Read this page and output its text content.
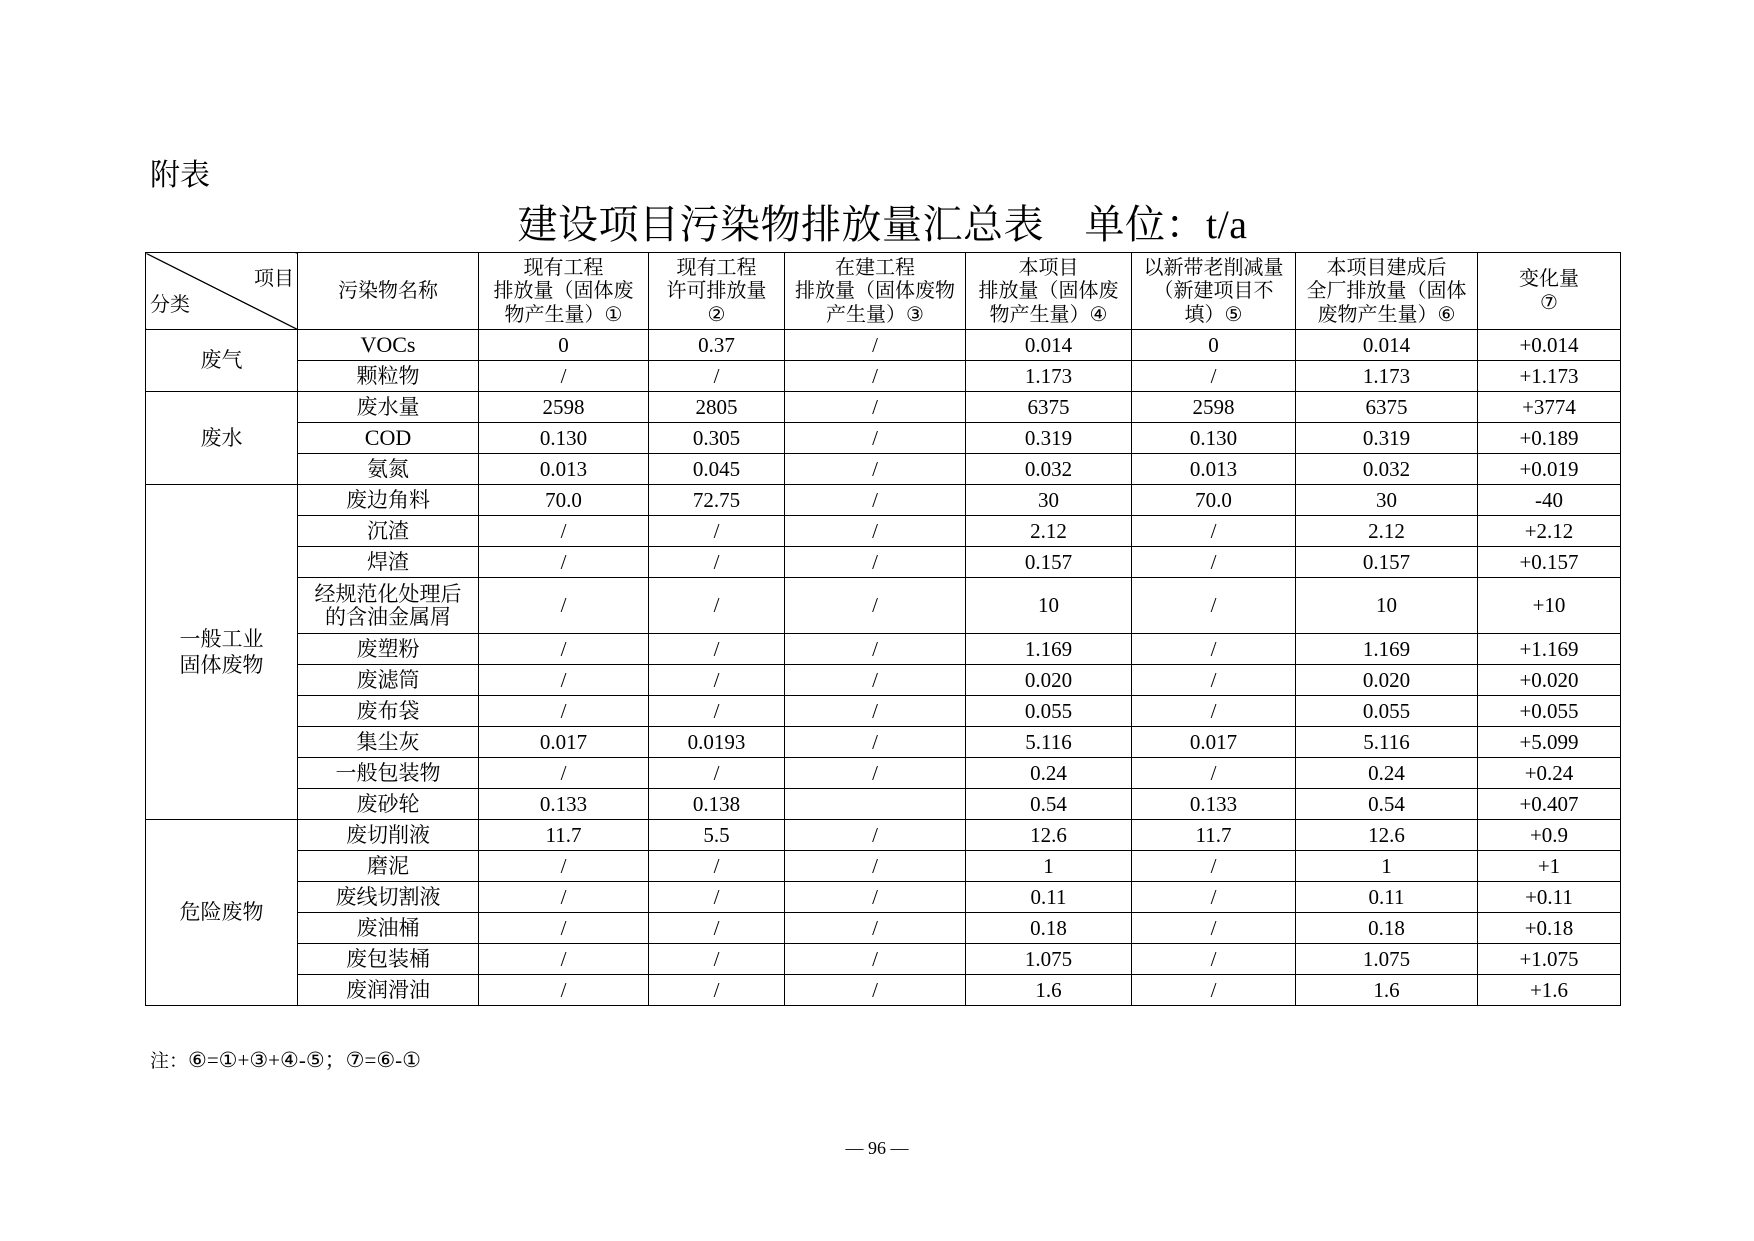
附表
建设项目污染物排放量汇总表 单位：t/a
项目
分类	污染物名称	现有工程
排放量（固体废
物产生量）①	现有工程
许可排放量
②	在建工程
排放量（固体废物
产生量）③	本项目
排放量（固体废
物产生量）④	以新带老削减量
（新建项目不
填）⑤	本项目建成后
全厂排放量（固体
废物产生量）⑥	变化量
⑦
废气	VOCs	0	0.37	/	0.014	0	0.014	+0.014
	颗粒物	/	/	/	1.173	/	1.173	+1.173
废水	废水量	2598	2805	/	6375	2598	6375	+3774
	COD	0.130	0.305	/	0.319	0.130	0.319	+0.189
	氨氮	0.013	0.045	/	0.032	0.013	0.032	+0.019
一般工业
固体废物	废边角料	70.0	72.75	/	30	70.0	30	-40
	沉渣	/	/	/	2.12	/	2.12	+2.12
	焊渣	/	/	/	0.157	/	0.157	+0.157
	经规范化处理后
的含油金属屑	/	/	/	10	/	10	+10
	废塑粉	/	/	/	1.169	/	1.169	+1.169
	废滤筒	/	/	/	0.020	/	0.020	+0.020
	废布袋	/	/	/	0.055	/	0.055	+0.055
	集尘灰	0.017	0.0193	/	5.116	0.017	5.116	+5.099
	一般包装物	/	/	/	0.24	/	0.24	+0.24
	废砂轮	0.133	0.138		0.54	0.133	0.54	+0.407
危险废物	废切削液	11.7	5.5	/	12.6	11.7	12.6	+0.9
	磨泥	/	/	/	1	/	1	+1
	废线切割液	/	/	/	0.11	/	0.11	+0.11
	废油桶	/	/	/	0.18	/	0.18	+0.18
	废包装桶	/	/	/	1.075	/	1.075	+1.075
	废润滑油	/	/	/	1.6	/	1.6	+1.6
注：⑥=①+③+④-⑤；⑦=⑥-①
— 96 —
